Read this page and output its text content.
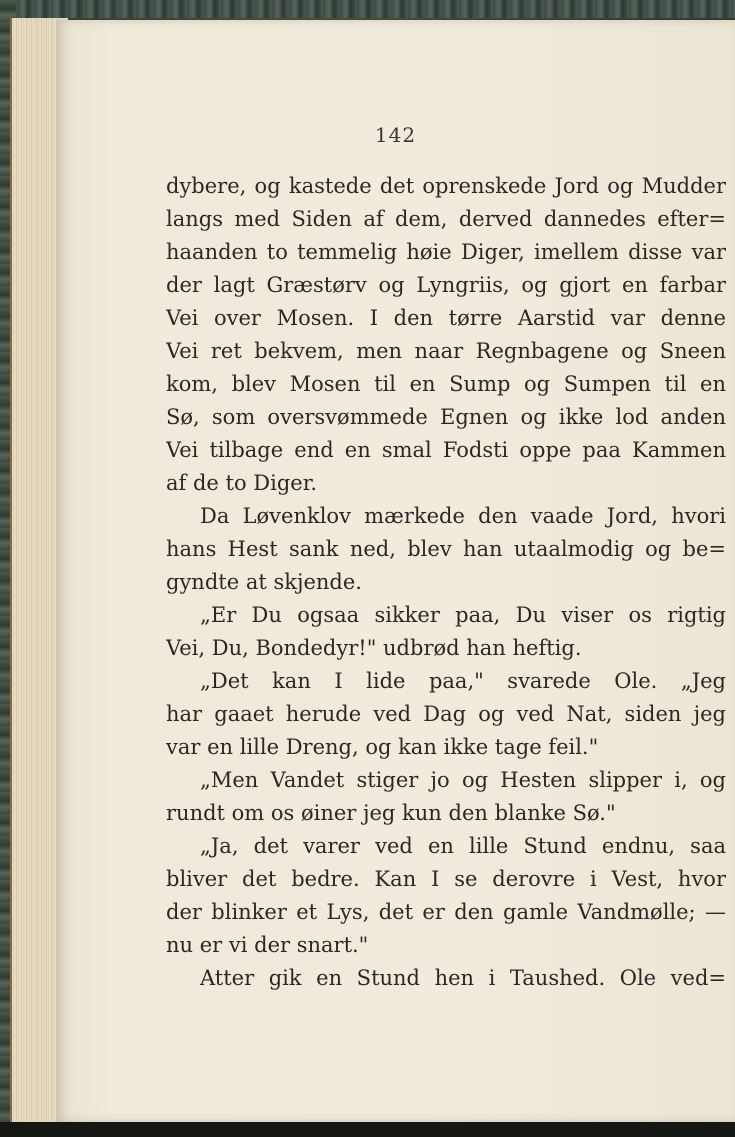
142
dybere, og kastede det oprenskede Jord og Mudder
langs med Siden af dem, derved dannedes efter=
haanden to temmelig høie Diger, imellem disse var
der lagt Græstørv og Lyngriis, og gjort en farbar
Vei over Mosen. I den tørre Aarstid var denne
Vei ret bekvem, men naar Regnbagene og Sneen
kom, blev Mosen til en Sump og Sumpen til en
Sø, som oversvømmede Egnen og ikke lod anden
Vei tilbage end en smal Fodsti oppe paa Kammen
af de to Diger.
Da Løvenklov mærkede den vaade Jord, hvori
hans Hest sank ned, blev han utaalmodig og be=
gyndte at skjende.
„Er Du ogsaa sikker paa, Du viser os rigtig
Vei, Du, Bondedyr!" udbrød han heftig.
„Det kan I lide paa," svarede Ole. „Jeg
har gaaet herude ved Dag og ved Nat, siden jeg
var en lille Dreng, og kan ikke tage feil."
„Men Vandet stiger jo og Hesten slipper i, og
rundt om os øiner jeg kun den blanke Sø."
„Ja, det varer ved en lille Stund endnu, saa
bliver det bedre. Kan I se derovre i Vest, hvor
der blinker et Lys, det er den gamle Vandmølle; —
nu er vi der snart."
Atter gik en Stund hen i Taushed. Ole ved=
